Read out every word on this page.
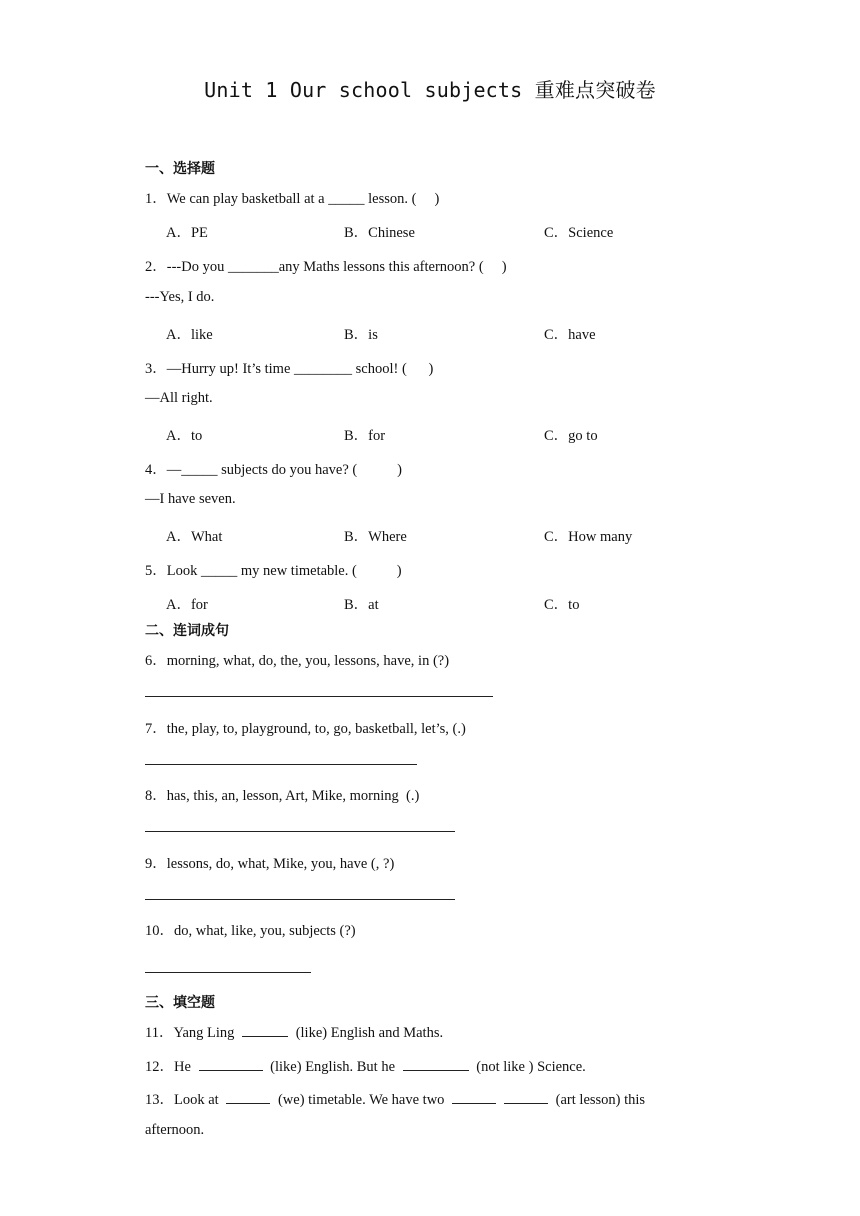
Unit 1 Our school subjects 重难点突破卷
一、选择题
1．We can play basketball at a _____ lesson. (     )
A．PE	B．Chinese	C．Science
2．---Do you _______any Maths lessons this afternoon? (     )
---Yes, I do.
A．like	B．is	C．have
3．—Hurry up! It’s time ________ school! (      )
—All right.
A．to	B．for	C．go to
4．—_____ subjects do you have? (           )
—I have seven.
A．What	B．Where	C．How many
5．Look _____ my new timetable. (           )
A．for	B．at	C．to
二、连词成句
6．morning, what, do, the, you, lessons, have, in (?)
7．the, play, to, playground, to, go, basketball, let’s, (.)
8．has, this, an, lesson, Art, Mike, morning  (.)
9．lessons, do, what, Mike, you, have (, ?)
10．do, what, like, you, subjects (?)
三、填空题
11．Yang Ling	(like) English and Maths.
12．He	(like) English. But he	(not like ) Science.
13．Look at	(we) timetable. We have two	(art lesson) this
afternoon.
